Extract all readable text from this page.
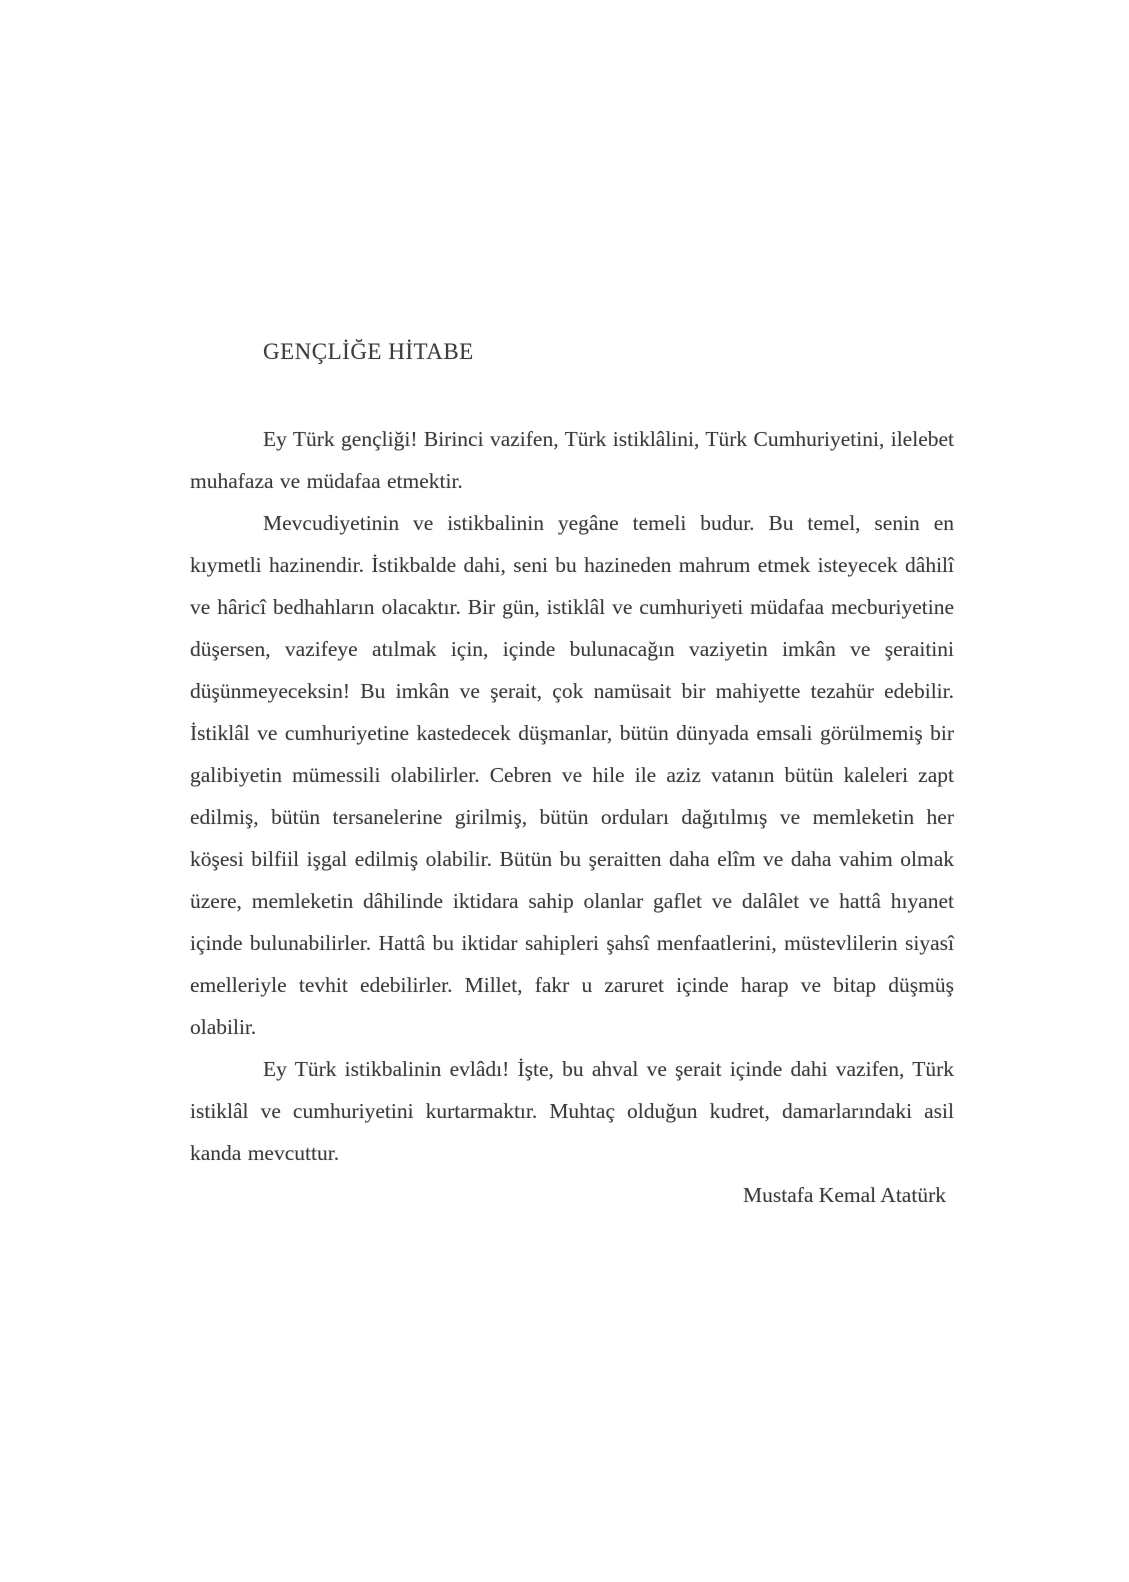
GENÇLİĞE HİTABE

Ey Türk gençliği! Birinci vazifen, Türk istiklâlini, Türk Cumhuriyetini, ilelebet muhafaza ve müdafaa etmektir.

Mevcudiyetinin ve istikbalinin yegâne temeli budur. Bu temel, senin en kıymetli hazinendir. İstikbalde dahi, seni bu hazineden mahrum etmek isteyecek dâhilî ve hâricî bedhahların olacaktır. Bir gün, istiklâl ve cumhuriyeti müdafaa mecburiyetine düşersen, vazifeye atılmak için, içinde bulunacağın vaziyetin imkân ve şeraitini düşünmeyeceksin! Bu imkân ve şerait, çok namüsait bir mahiyette tezahür edebilir. İstiklâl ve cumhuriyetine kastedecek düşmanlar, bütün dünyada emsali görülmemiş bir galibiyetin mümessili olabilirler. Cebren ve hile ile aziz vatanın bütün kaleleri zapt edilmiş, bütün tersanelerine girilmiş, bütün orduları dağıtılmış ve memleketin her köşesi bilfiil işgal edilmiş olabilir. Bütün bu şeraitten daha elîm ve daha vahim olmak üzere, memleketin dâhilinde iktidara sahip olanlar gaflet ve dalâlet ve hattâ hıyanet içinde bulunabilirler. Hattâ bu iktidar sahipleri şahsî menfaatlerini, müstevlilerin siyasî emelleriyle tevhit edebilirler. Millet, fakr u zaruret içinde harap ve bitap düşmüş olabilir.

Ey Türk istikbalinin evlâdı! İşte, bu ahval ve şerait içinde dahi vazifen, Türk istiklâl ve cumhuriyetini kurtarmaktır. Muhtaç olduğun kudret, damarlarındaki asil kanda mevcuttur.

Mustafa Kemal Atatürk
